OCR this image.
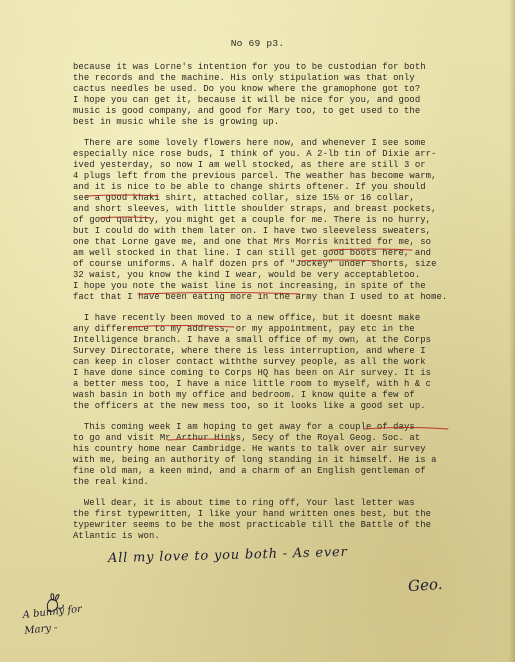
No 69 p3.
because it was Lorne's intention for you to be custodian for both
the records and the machine. His only stipulation was that only
cactus needles be used. Do you know where the gramophone got to?
I hope you can get it, because it will be nice for you, and good
music is good company, and good for Mary too, to get used to the
best in music while she is growing up.
There are some lovely flowers here now, and whenever I see some
especially nice rose buds, I think of you. A 2-lb tin of Dixie arr-
ived yesterday, so now I am well stocked, as there are still 3 or
4 plugs left from the previous parcel. The weather has become warm,
and it is nice to be able to change shirts oftener. If you should
see a good khaki shirt, attached collar, size 15½ or 16 collar,
and short sleeves, with little shoulder straps, and breast pockets,
of good quality, you might get a couple for me. There is no hurry,
but I could do with them later on. I have two sleeveless sweaters,
one that Lorne gave me, and one that Mrs Morris knitted for me, so
am well stocked in that line. I can still get good boots here, and
of course uniforms. A half dozen prs of "Jockey" under shorts, size
32 waist, you know the kind I wear, would be very acceptabletoo.
I hope you note the waist line is not increasing, in spite of the
fact that I have been eating more in the army than I used to at home.
I have recently been moved to a new office, but it doesnt make
any difference to my address, or my appointment, pay etc in the
Intelligence branch. I have a small office of my own, at the Corps
Survey Directorate, where there is less interruption, and where I
can keep in closer contact withthe survey people, as all the work
I have done since coming to Corps HQ has been on Air survey. It is
a better mess too, I have a nice little room to myself, with h & c
wash basin in both my office and bedroom. I know quite a few of
the officers at the new mess too, so it looks like a good set up.
This coming week I am hoping to get away for a couple of days
to go and visit Mr Arthur Hinks, Secy of the Royal Geog. Soc. at
his country home near Cambridge. He wants to talk over air survey
with me, being an authority of long standing in it himself. He is a
fine old man, a keen mind, and a charm of an English gentleman of
the real kind.
Well dear, it is about time to ring off, Your last letter was
the first typewritten, I like your hand written ones best, but the
typewriter seems to be the most practicable till the Battle of the
Atlantic is won.
All my love to you both - As ever
Geo.
A bunny for
Mary -
